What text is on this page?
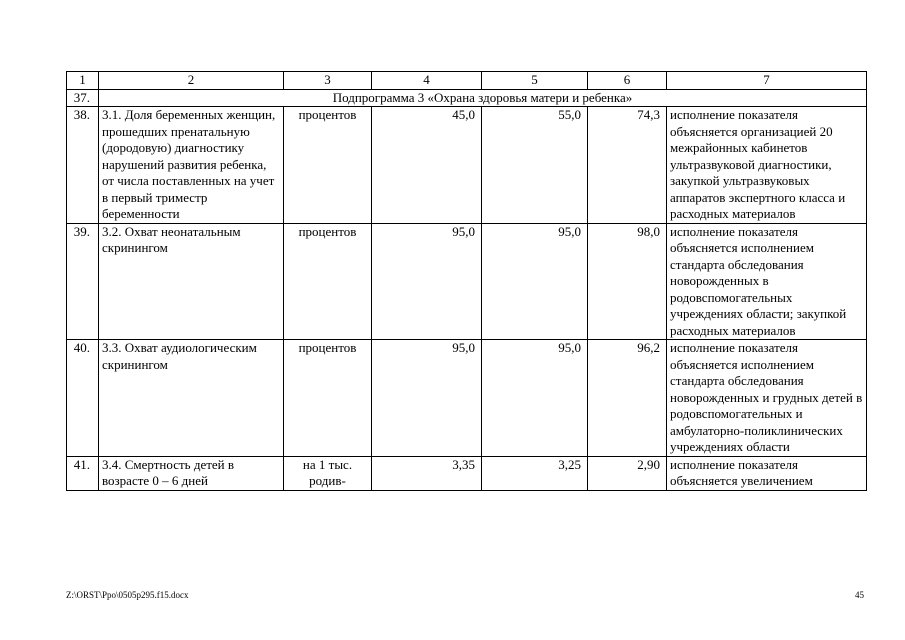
1	2	3	4	5	6	7
37.	Подпрограмма 3 «Охрана здоровья матери и ребенка»					
38.	3.1. Доля беременных женщин, прошедших пренатальную (дородовую) диагностику нарушений развития ребенка, от числа поставленных на учет в первый триместр беременности	процентов	45,0	55,0	74,3	исполнение показателя объясняется организацией 20 межрайонных кабинетов ультразвуковой диагностики, закупкой ультразвуковых аппаратов экспертного класса и расходных материалов
39.	3.2. Охват неонатальным скринингом	процентов	95,0	95,0	98,0	исполнение показателя объясняется исполнением стандарта обследования новорожденных в родовспомогательных учреждениях области; закупкой расходных материалов
40.	3.3. Охват аудиологическим скринингом	процентов	95,0	95,0	96,2	исполнение показателя объясняется исполнением стандарта обследования новорожденных и грудных детей в родовспомогательных и амбулаторно-поликлинических учреждениях области
41.	3.4. Смертность детей в возрасте 0 – 6 дней	на 1 тыс. родив-	3,35	3,25	2,90	исполнение показателя объясняется увеличением
Z:\ORST\Ppo\0505p295.f15.docx	45
